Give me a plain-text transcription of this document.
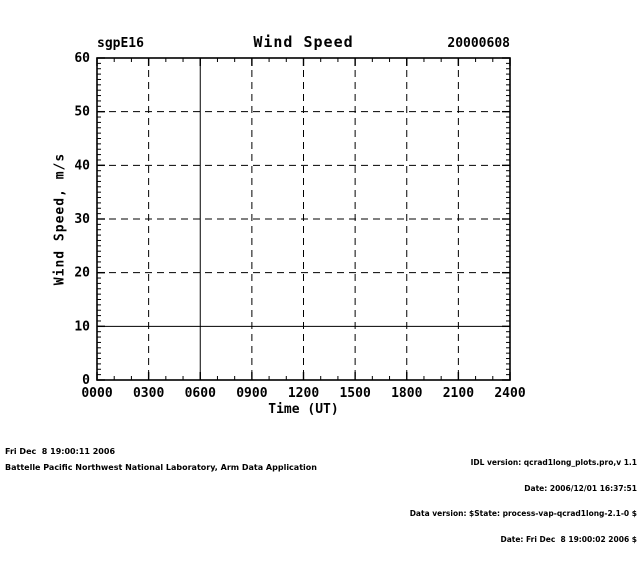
sgpE16	Wind Speed	20000608
0000 0300 0600 0900 1200 1500 1800 2100 2400
0
10
20
30
40
50
60
Time (UT)
Wind Speed, m/s
Fri Dec  8 19:00:11 2006
Battelle Pacific Northwest National Laboratory, Arm Data Application

IDL version: qcrad1long_plots.pro,v 1.1

Date: 2006/12/01 16:37:51

Data version: $State: process-vap-qcrad1long-2.1-0 $

Date: Fri Dec  8 19:00:02 2006 $
